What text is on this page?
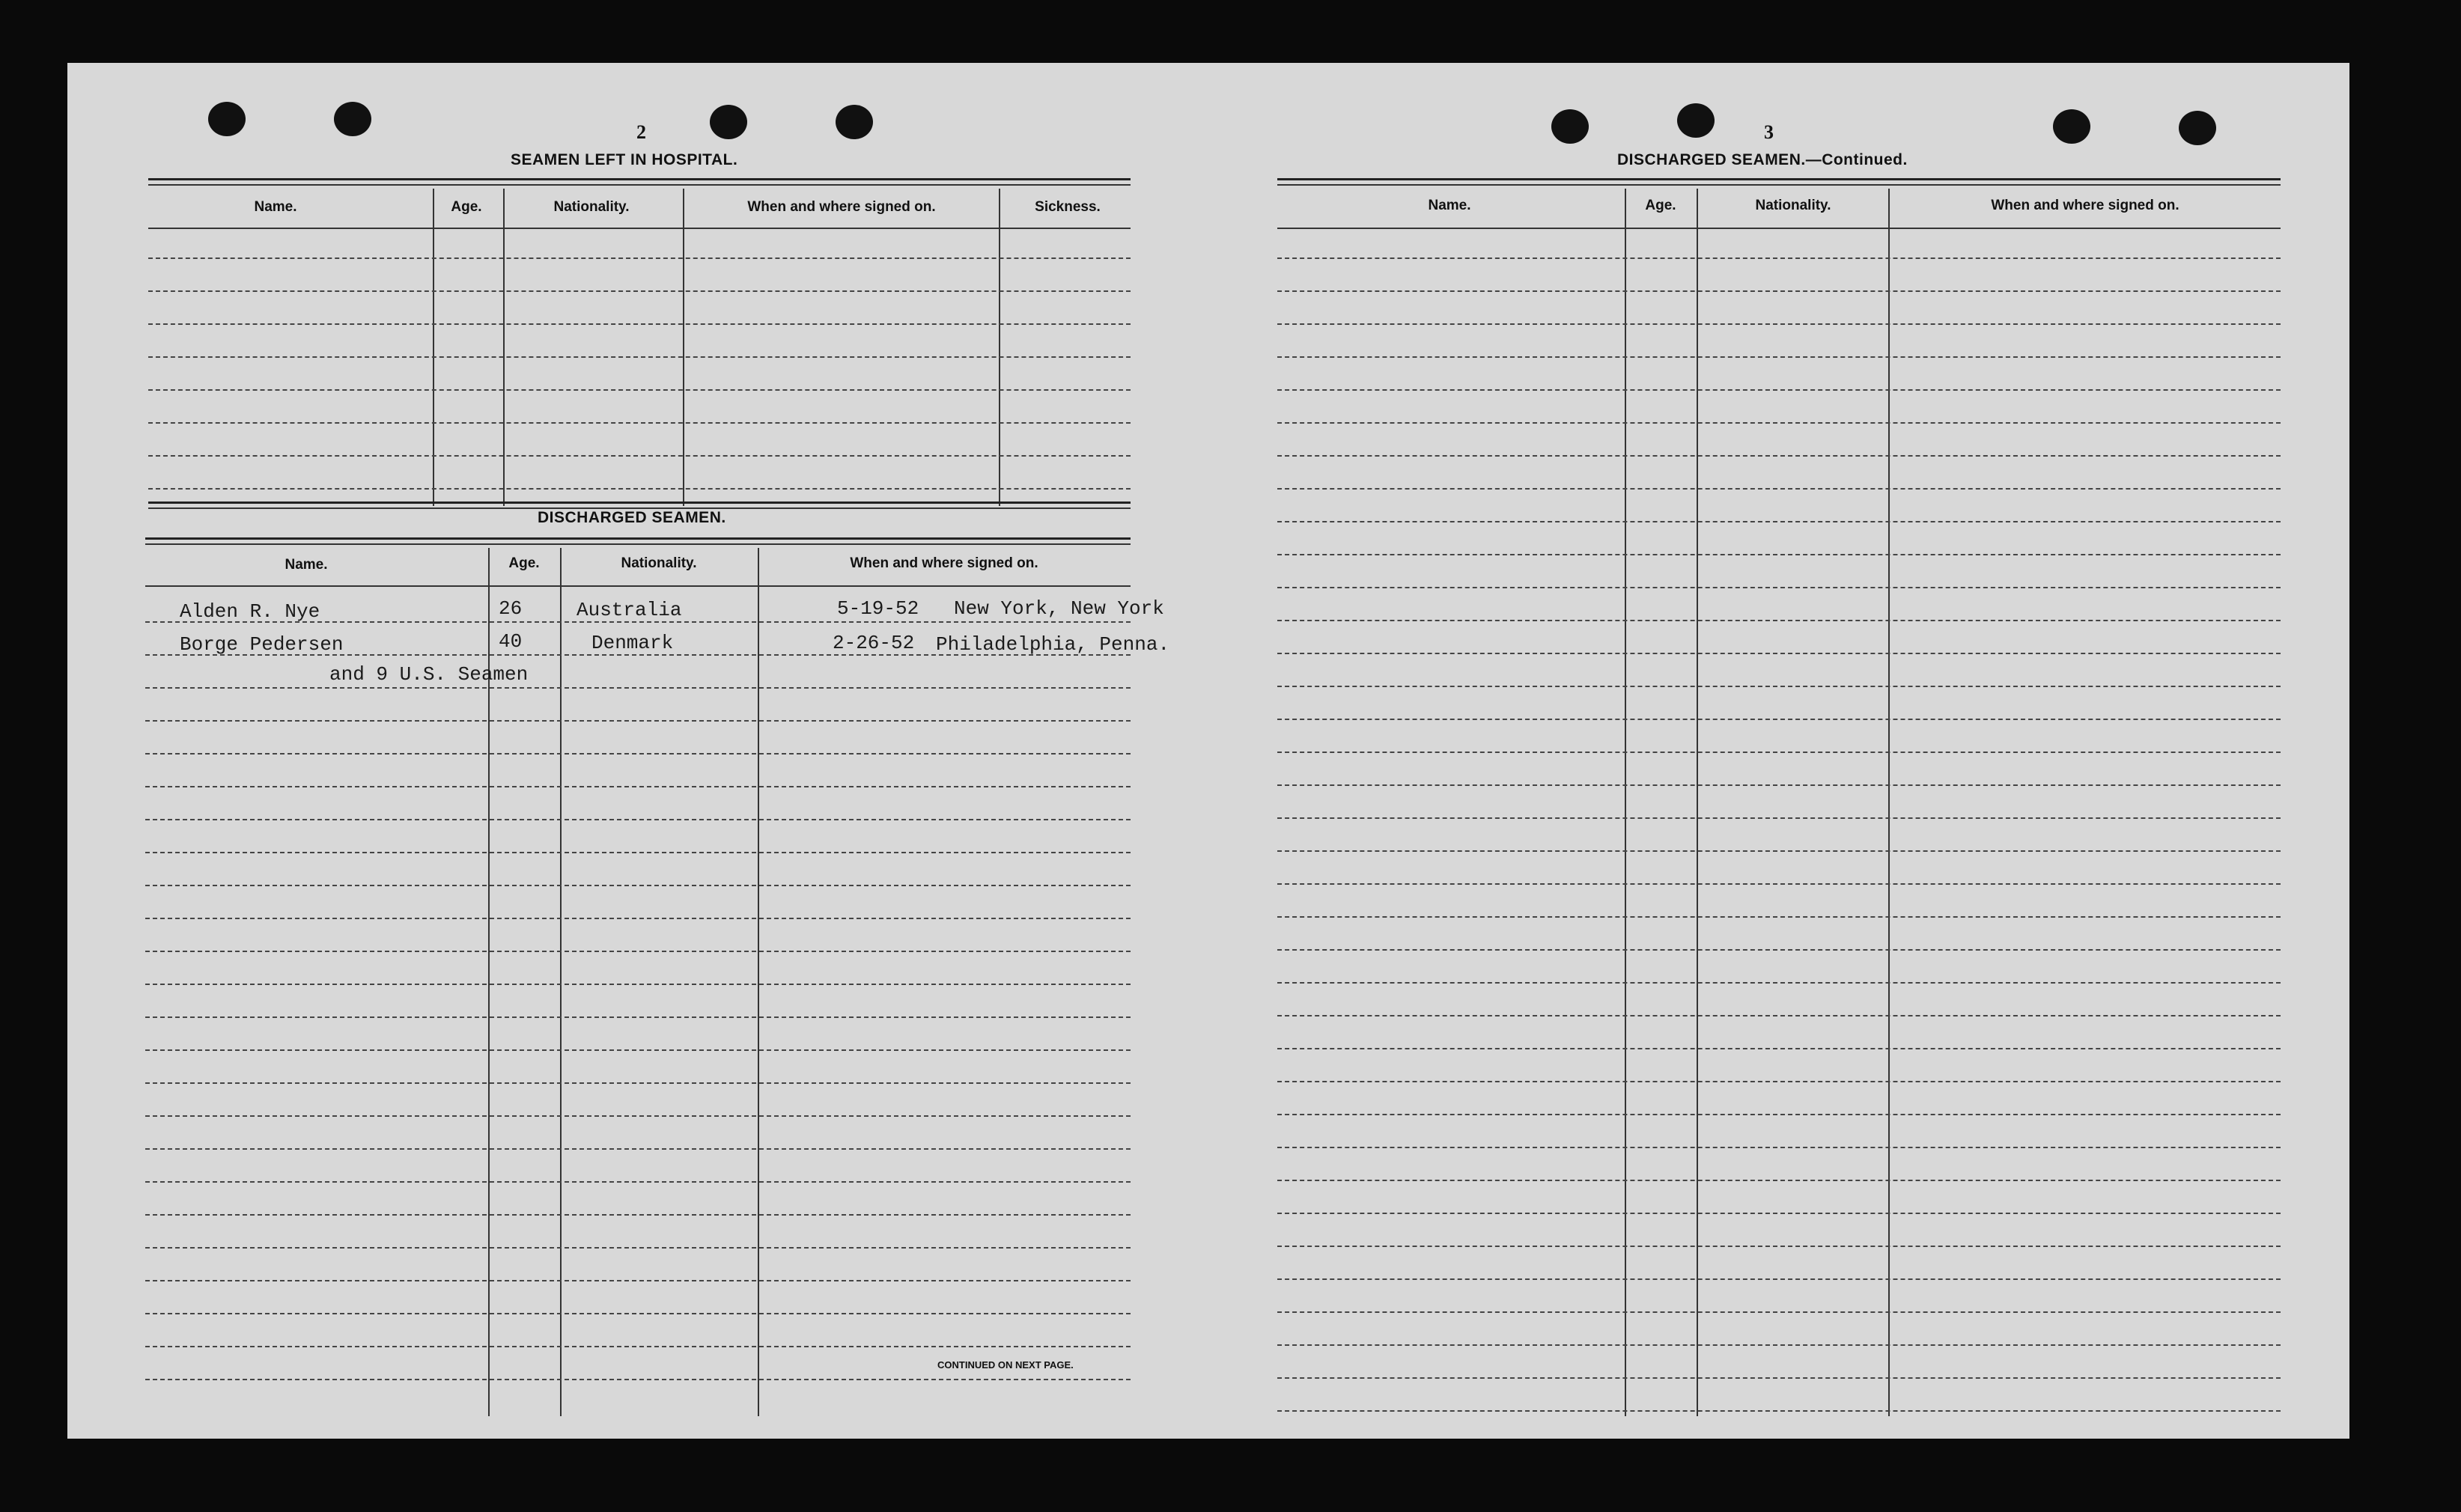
2
SEAMEN LEFT IN HOSPITAL.
Name.	Age.	Nationality.	When and where signed on.	Sickness.
DISCHARGED SEAMEN.
Name.	Age.	Nationality.	When and where signed on.
Alden R. Nye	26	Australia	5-19-52 New York, New York
Borge Pedersen	40	Denmark	2-26-52 Philadelphia, Penna.
and 9 U.S. Seamen
CONTINUED ON NEXT PAGE.
3
DISCHARGED SEAMEN.—Continued.
Name.	Age.	Nationality.	When and where signed on.
